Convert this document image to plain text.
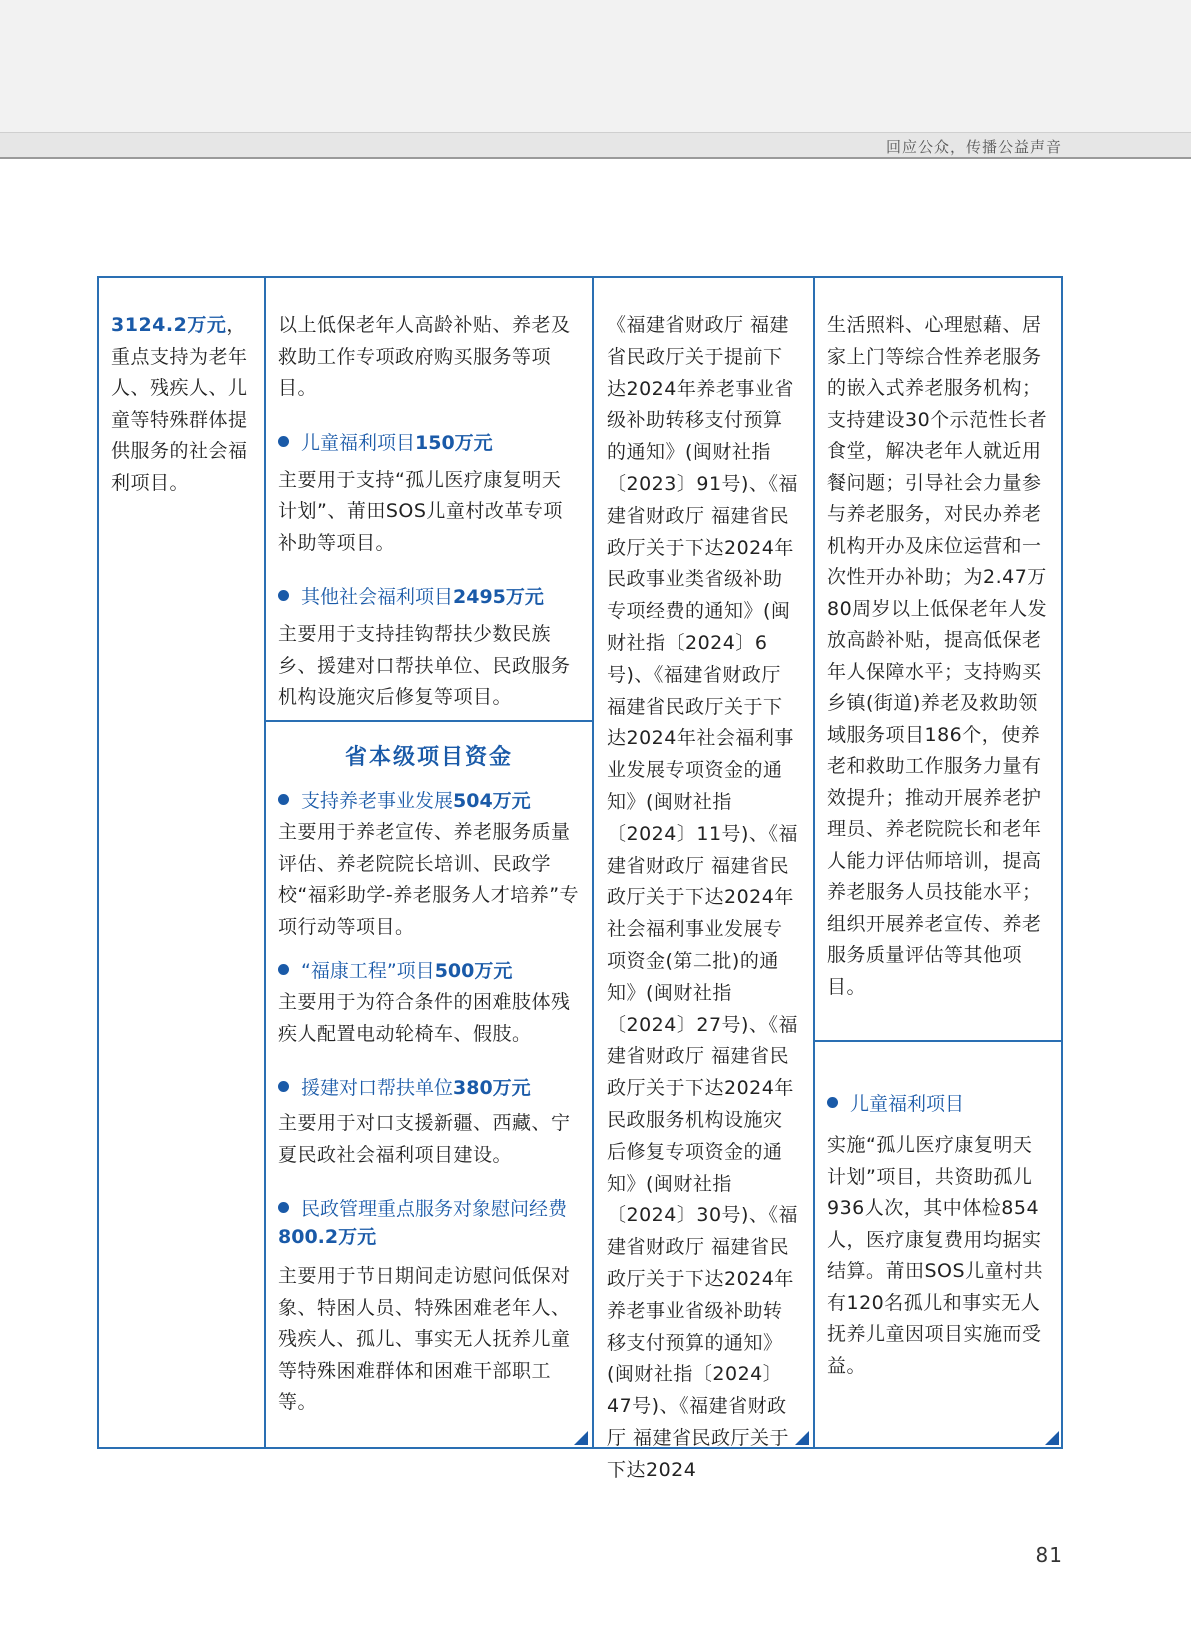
回应公众，传播公益声音

3124.2万元，重点支持为老年人、残疾人、儿童等特殊群体提供服务的社会福利项目。

以上低保老年人高龄补贴、养老及救助工作专项政府购买服务等项目。

儿童福利项目150万元

主要用于支持“孤儿医疗康复明天计划”、莆田SOS儿童村改革专项补助等项目。

其他社会福利项目2495万元

主要用于支持挂钩帮扶少数民族乡、援建对口帮扶单位、民政服务机构设施灾后修复等项目。

省本级项目资金

支持养老事业发展504万元

主要用于养老宣传、养老服务质量评估、养老院院长培训、民政学校“福彩助学-养老服务人才培养”专项行动等项目。

“福康工程”项目500万元

主要用于为符合条件的困难肢体残疾人配置电动轮椅车、假肢。

援建对口帮扶单位380万元

主要用于对口支援新疆、西藏、宁夏民政社会福利项目建设。

民政管理重点服务对象慰问经费800.2万元

主要用于节日期间走访慰问低保对象、特困人员、特殊困难老年人、残疾人、孤儿、事实无人抚养儿童等特殊困难群体和困难干部职工等。

《福建省财政厅 福建省民政厅关于提前下达2024年养老事业省级补助转移支付预算的通知》(闽财社指〔2023〕91号)、《福建省财政厅 福建省民政厅关于下达2024年民政事业类省级补助专项经费的通知》(闽财社指〔2024〕6号)、《福建省财政厅 福建省民政厅关于下达2024年社会福利事业发展专项资金的通知》(闽财社指〔2024〕11号)、《福建省财政厅 福建省民政厅关于下达2024年社会福利事业发展专项资金(第二批)的通知》(闽财社指〔2024〕27号)、《福建省财政厅 福建省民政厅关于下达2024年民政服务机构设施灾后修复专项资金的通知》(闽财社指〔2024〕30号)、《福建省财政厅 福建省民政厅关于下达2024年养老事业省级补助转移支付预算的通知》(闽财社指〔2024〕47号)、《福建省财政厅 福建省民政厅关于下达2024

生活照料、心理慰藉、居家上门等综合性养老服务的嵌入式养老服务机构；支持建设30个示范性长者食堂，解决老年人就近用餐问题；引导社会力量参与养老服务，对民办养老机构开办及床位运营和一次性开办补助；为2.47万80周岁以上低保老年人发放高龄补贴，提高低保老年人保障水平；支持购买乡镇(街道)养老及救助领域服务项目186个，使养老和救助工作服务力量有效提升；推动开展养老护理员、养老院院长和老年人能力评估师培训，提高养老服务人员技能水平；组织开展养老宣传、养老服务质量评估等其他项目。

儿童福利项目

实施“孤儿医疗康复明天计划”项目，共资助孤儿936人次，其中体检854人，医疗康复费用均据实结算。莆田SOS儿童村共有120名孤儿和事实无人抚养儿童因项目实施而受益。

81
